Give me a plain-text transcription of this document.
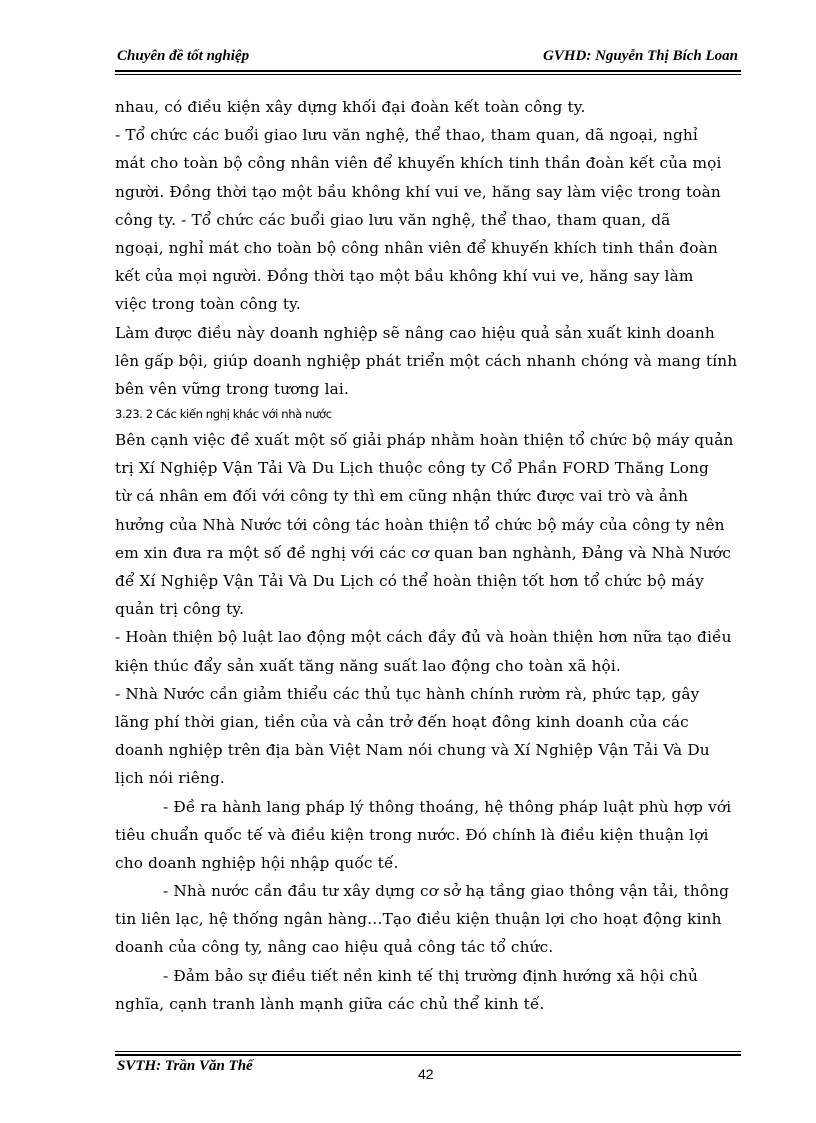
Chuyên đề tốt nghiệp	GVHD: Nguyễn Thị Bích Loan
nhau, có điều kiện xây dựng khối đại đoàn kết toàn công ty.
- Tổ chức các buổi giao lưu văn nghệ, thể thao, tham quan, dã ngoại, nghỉ
mát cho toàn bộ công nhân viên để khuyến khích tinh thần đoàn kết của mọi
người. Đồng thời tạo một bầu không khí vui ve, hăng say làm việc trong toàn
công ty. - Tổ chức các buổi giao lưu văn nghệ, thể thao, tham quan, dã
ngoại, nghỉ mát cho toàn bộ công nhân viên để khuyến khích tinh thần đoàn
kết của mọi người. Đồng thời tạo một bầu không khí vui ve, hăng say làm
việc trong toàn công ty.
Làm được điều này doanh nghiệp sẽ nâng cao hiệu quả sản xuất kinh doanh
lên gấp bội, giúp doanh nghiệp phát triển một cách nhanh chóng và mang tính
bên vên vững trong tương lai.
3.23. 2 Các kiến nghị khác với nhà nước
Bên cạnh việc đề xuất một số giải pháp nhằm hoàn thiện tổ chức bộ máy quản
trị Xí Nghiệp Vận Tải Và Du Lịch thuộc công ty Cổ Phần FORD Thăng Long
từ cá nhân em đối với công ty thì em cũng nhận thức được vai trò và ảnh
hưởng của Nhà Nước tới công tác hoàn thiện tổ chức bộ máy của công ty nên
em xin đưa ra một số đề nghị với các cơ quan ban nghành, Đảng và Nhà Nước
để Xí Nghiệp Vận Tải Và Du Lịch có thể hoàn thiện tốt hơn tổ chức bộ máy
quản trị công ty.
- Hoàn thiện bộ luật lao động một cách đầy đủ và hoàn thiện hơn nữa tạo điều
kiện thúc đẩy sản xuất tăng năng suất lao động cho toàn xã hội.
- Nhà Nước cần giảm thiểu các thủ tục hành chính rườm rà, phức tạp, gây
lãng phí thời gian, tiền của và cản trở đến hoạt đông kinh doanh của các
doanh nghiệp trên địa bàn Việt Nam nói chung và Xí Nghiệp Vận Tải Và Du
lịch nói riêng.
- Đề ra hành lang pháp lý thông thoáng, hệ thông pháp luật phù hợp với
tiêu chuẩn quốc tế và điều kiện trong nước. Đó chính là điều kiện thuận lợi
cho doanh nghiệp hội nhập quốc tế.
- Nhà nước cần đầu tư xây dựng cơ sở hạ tầng giao thông vận tải, thông
tin liên lạc, hệ thống ngân hàng…Tạo điều kiện thuận lợi cho hoạt động kinh
doanh của công ty, nâng cao hiệu quả công tác tổ chức.
- Đảm bảo sự điều tiết nền kinh tế thị trường định hướng xã hội chủ
nghĩa, cạnh tranh lành mạnh giữa các chủ thể kinh tế.
SVTH: Trần Văn Thế	42
